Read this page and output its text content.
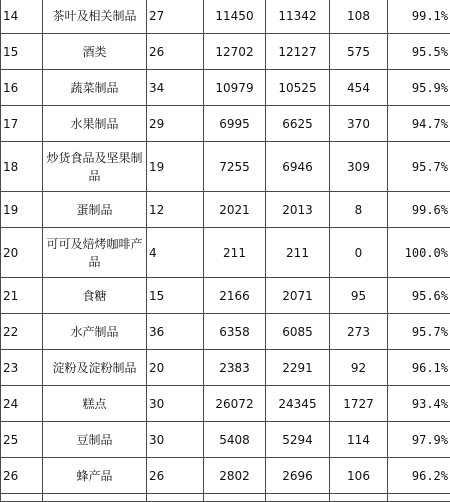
14	茶叶及相关制品	27	11450	11342	108	99.1%
15	酒类	26	12702	12127	575	95.5%
16	蔬菜制品	34	10979	10525	454	95.9%
17	水果制品	29	6995	6625	370	94.7%
18	炒货食品及坚果制品	19	7255	6946	309	95.7%
19	蛋制品	12	2021	2013	8	99.6%
20	可可及焙烤咖啡产品	4	211	211	0	100.0%
21	食糖	15	2166	2071	95	95.6%
22	水产制品	36	6358	6085	273	95.7%
23	淀粉及淀粉制品	20	2383	2291	92	96.1%
24	糕点	30	26072	24345	1727	93.4%
25	豆制品	30	5408	5294	114	97.9%
26	蜂产品	26	2802	2696	106	96.2%
